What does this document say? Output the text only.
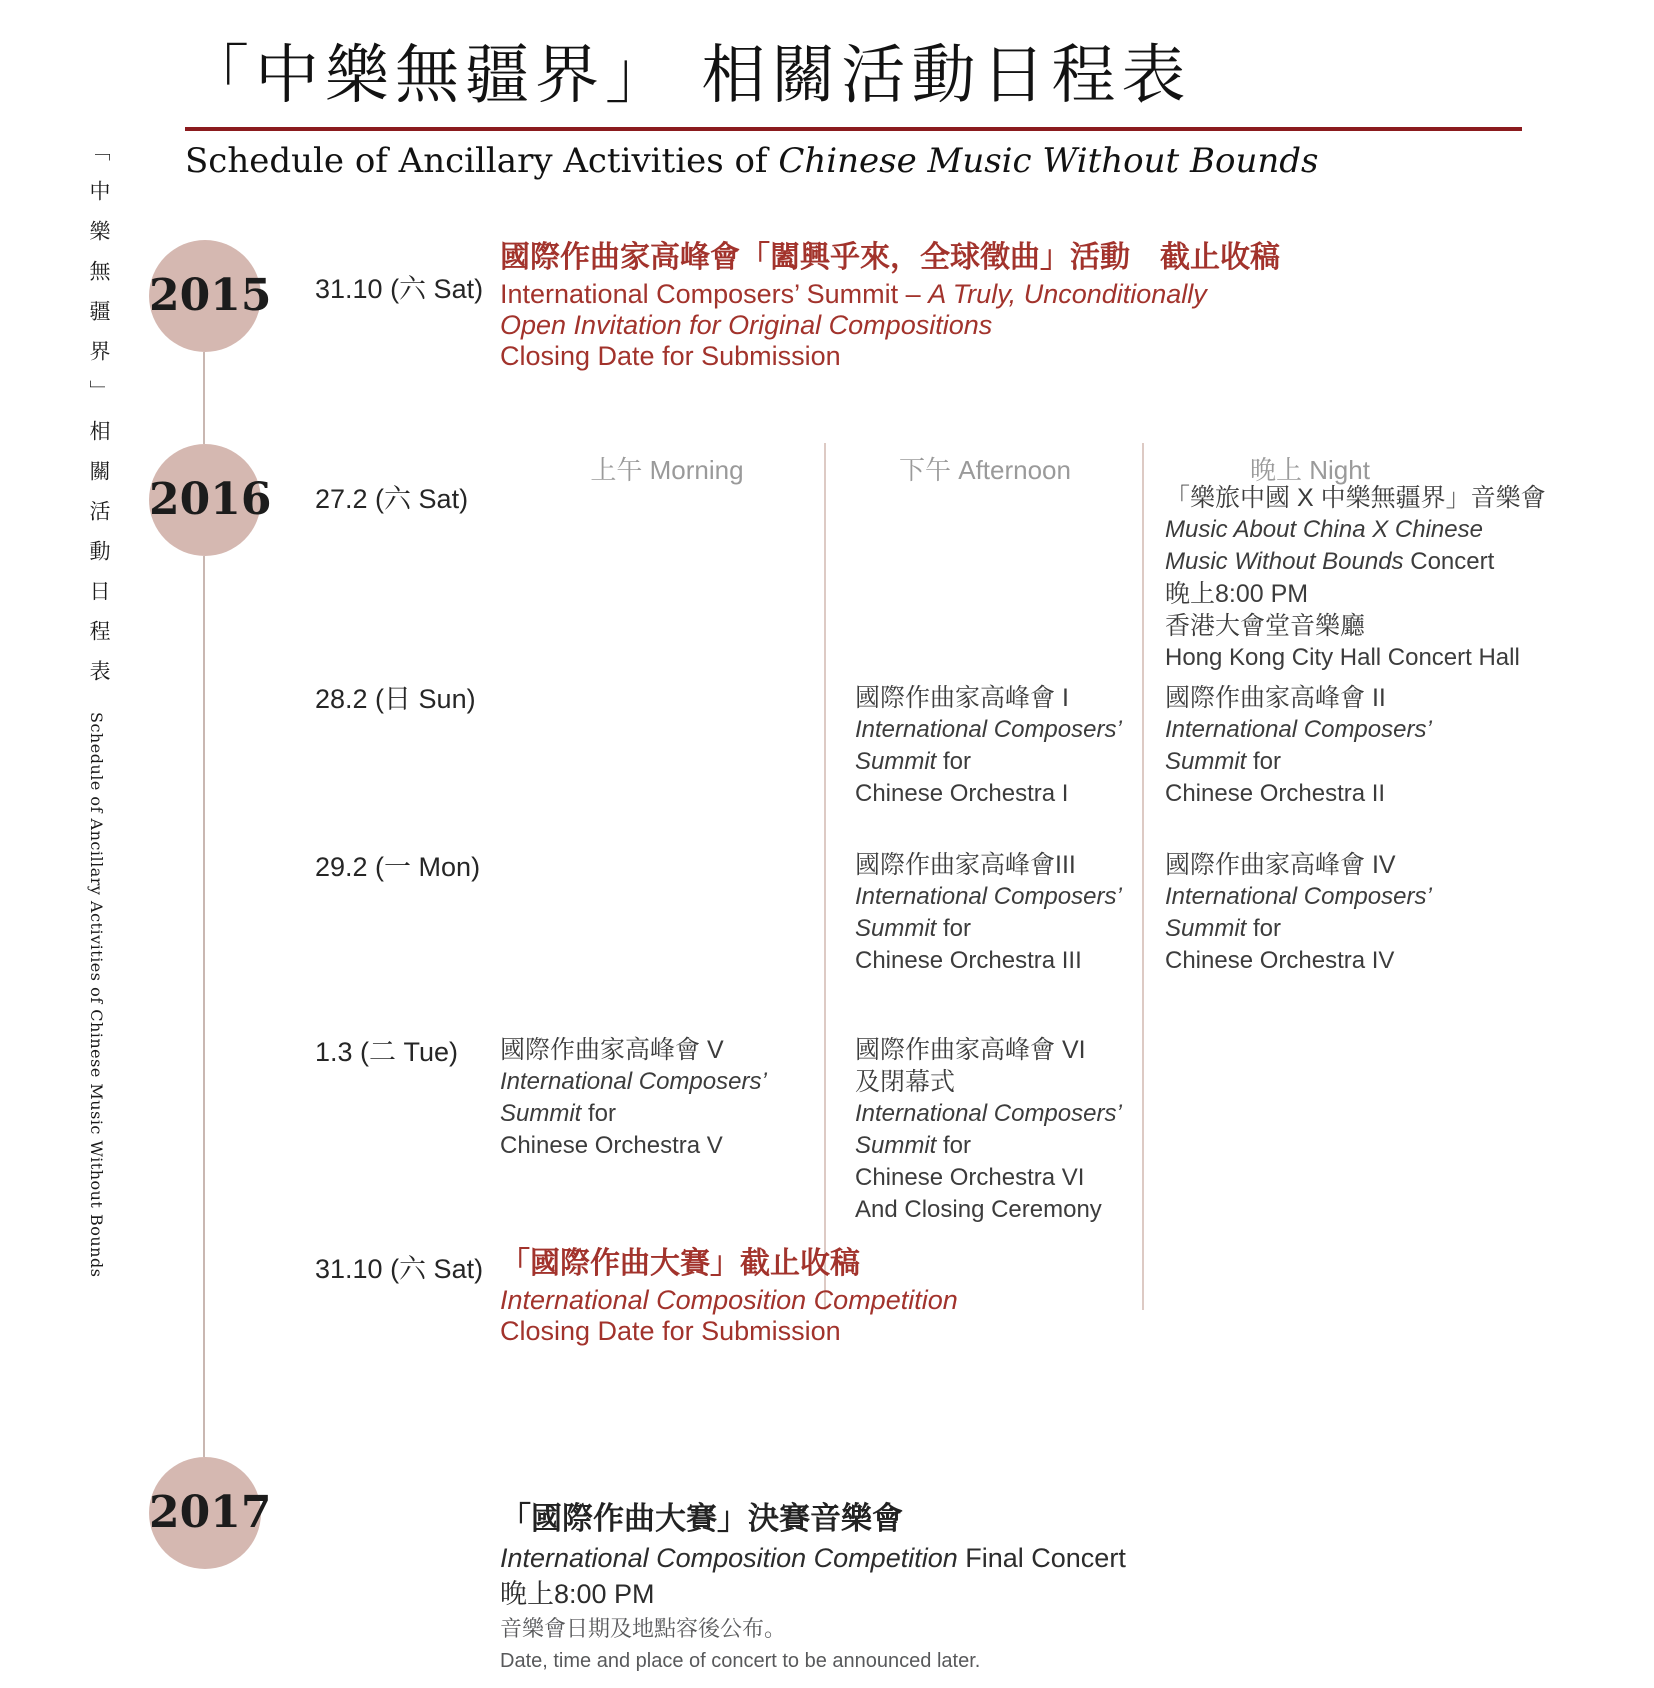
「中樂無疆界」相關活動日程表
Schedule of Ancillary Activities of Chinese Music Without Bounds
「中樂無疆界」 相關活動日程表
Schedule of Ancillary Activities of Chinese Music Without Bounds
2015
2016
2017
上午 Morning	下午 Afternoon	晚上 Night
31.10 (六 Sat)
27.2 (六 Sat)
28.2 (日 Sun)
29.2 (一 Mon)
1.3 (二 Tue)
31.10 (六 Sat)
國際作曲家高峰會「闔興乎來，全球徵曲」活動　截止收稿
International Composers’ Summit – A Truly, Unconditionally
Open Invitation for Original Compositions
Closing Date for Submission
「樂旅中國 X 中樂無疆界」音樂會
Music About China X Chinese
Music Without Bounds Concert
晚上8:00 PM
香港大會堂音樂廳
Hong Kong City Hall Concert Hall
國際作曲家高峰會 I
International Composers’
Summit for
Chinese Orchestra I
國際作曲家高峰會 II
International Composers’
Summit for
Chinese Orchestra II
國際作曲家高峰會III
International Composers’
Summit for
Chinese Orchestra III
國際作曲家高峰會 IV
International Composers’
Summit for
Chinese Orchestra IV
國際作曲家高峰會 V
International Composers’
Summit for
Chinese Orchestra V
國際作曲家高峰會 VI
及閉幕式
International Composers’
Summit for
Chinese Orchestra VI
And Closing Ceremony
「國際作曲大賽」截止收稿
International Composition Competition
Closing Date for Submission
「國際作曲大賽」決賽音樂會
International Composition Competition Final Concert
晚上8:00 PM
音樂會日期及地點容後公布。
Date, time and place of concert to be announced later.
